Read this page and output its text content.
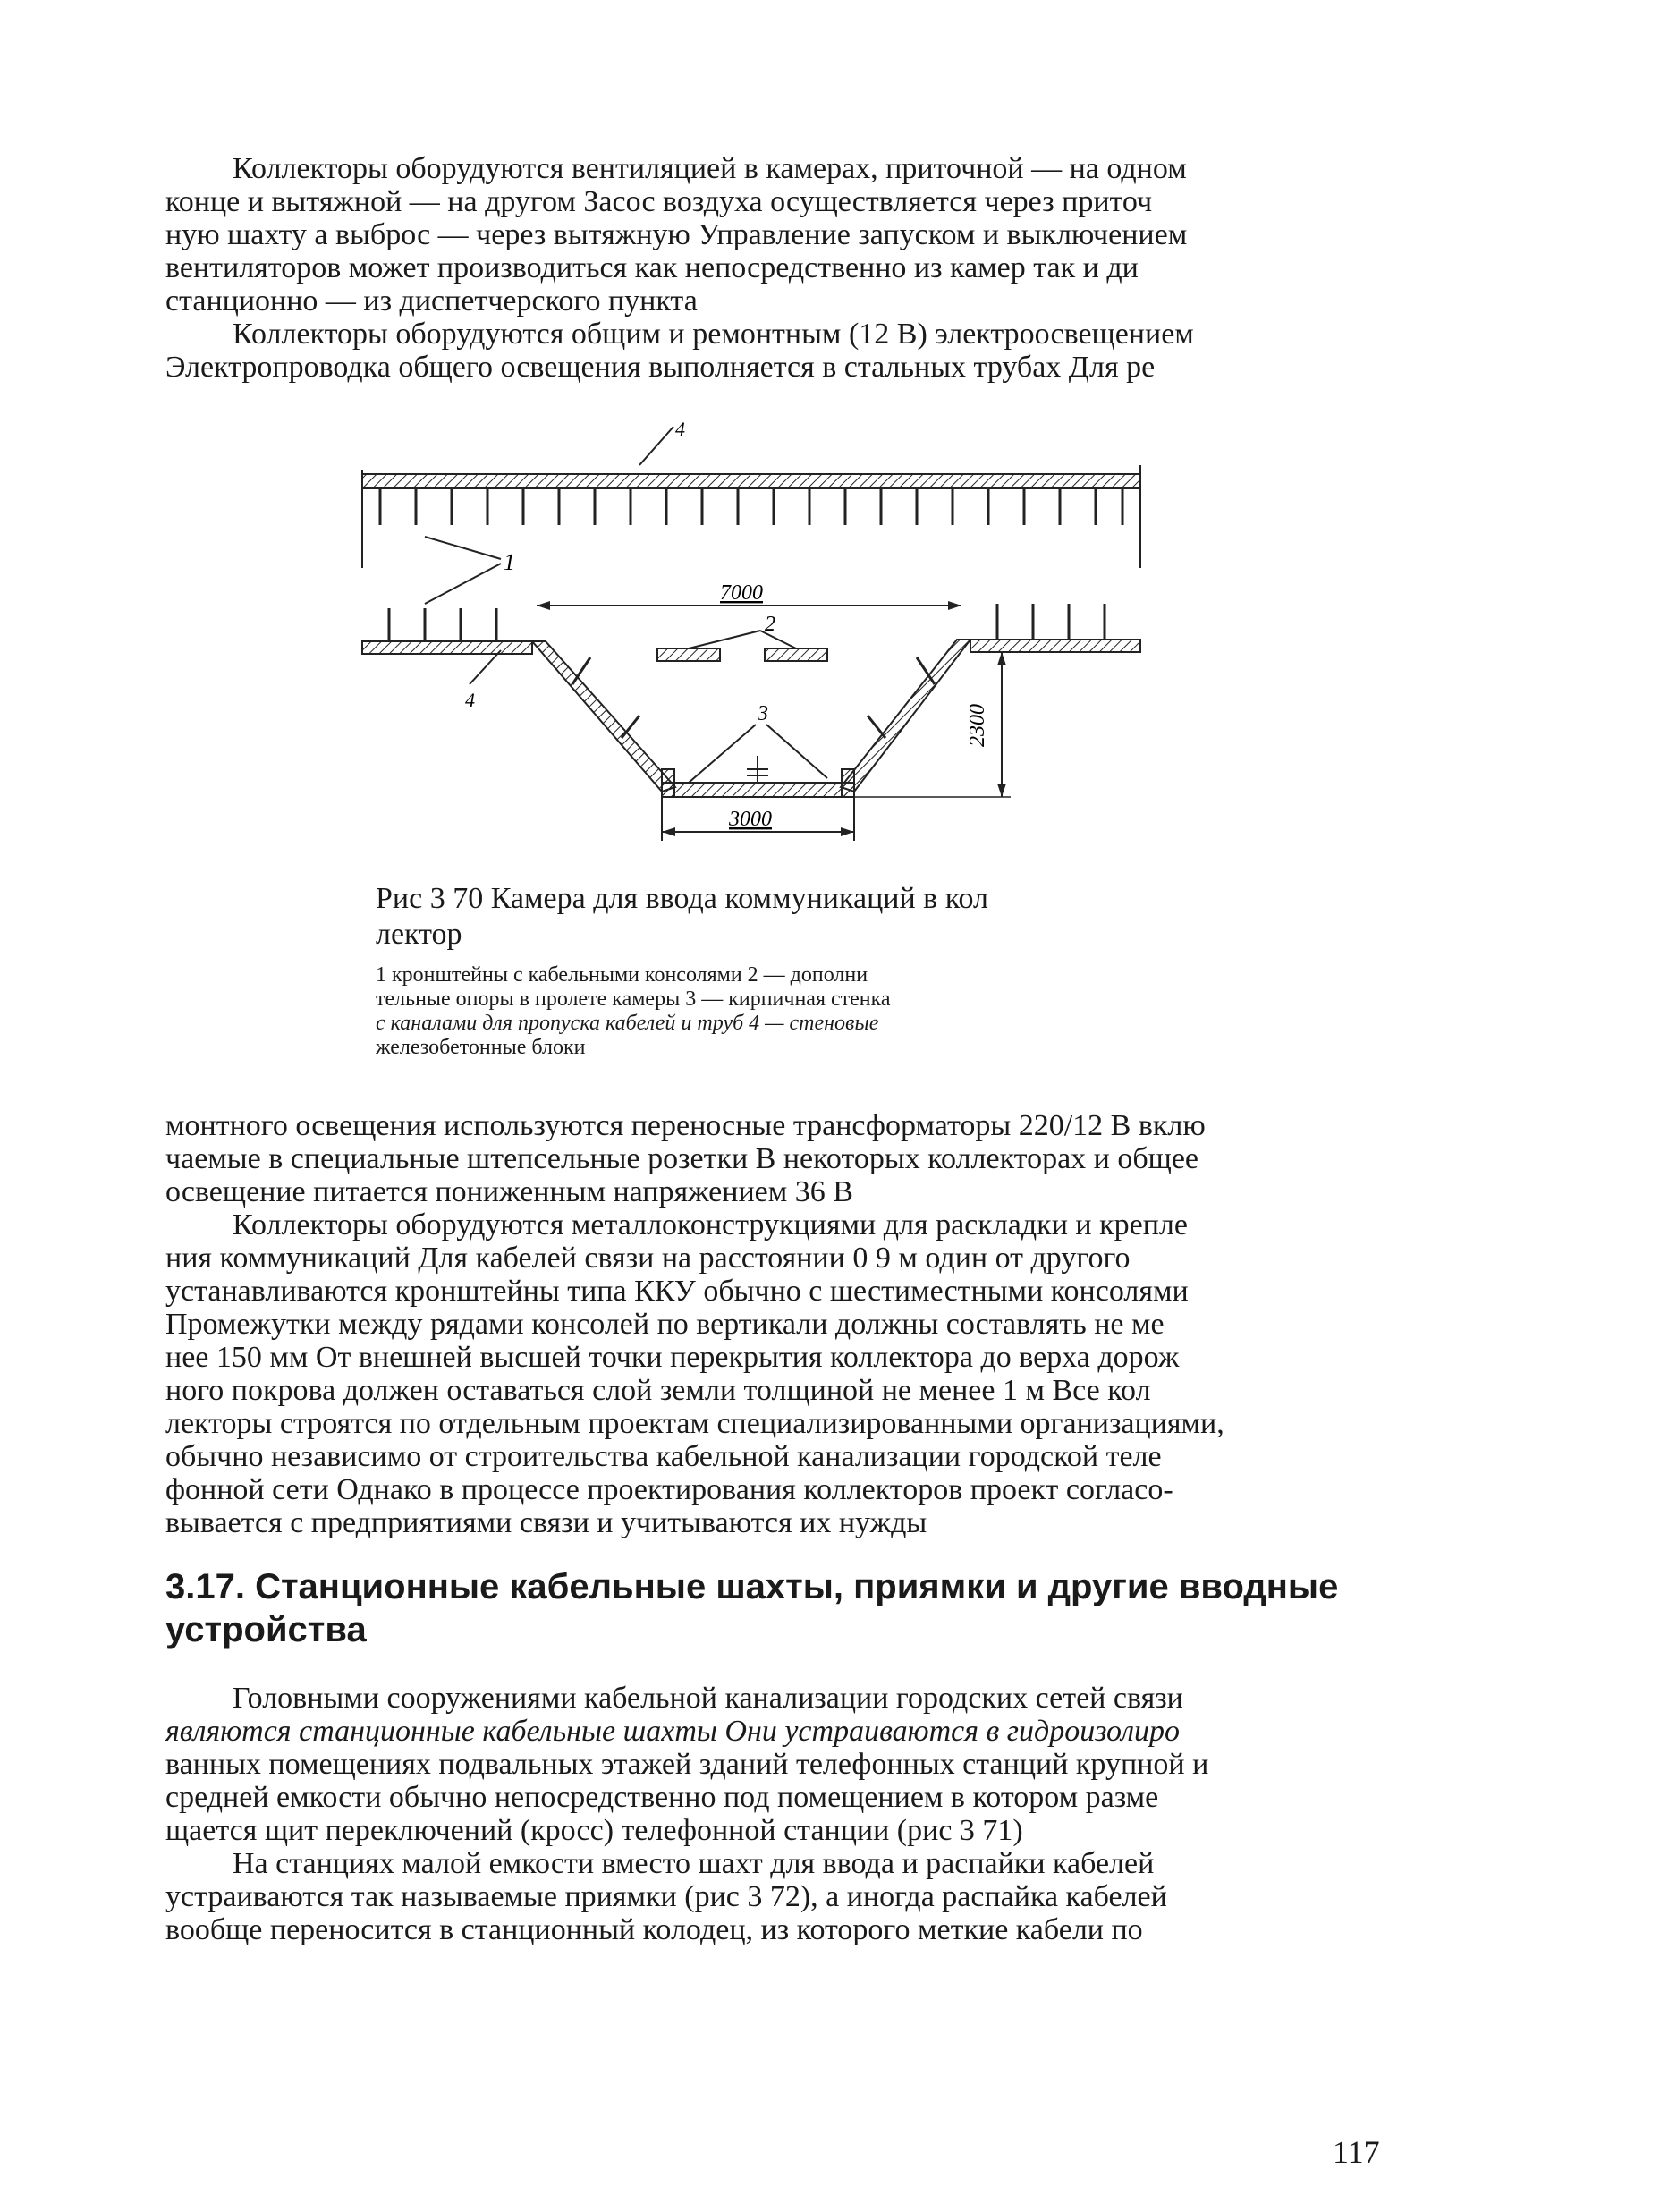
Коллекторы оборудуются вентиляцией в камерах, приточной — на одном
конце и вытяжной — на другом Засос воздуха осуществляется через приточ
ную шахту а выброс — через вытяжную Управление запуском и выключением
вентиляторов может производиться как непосредственно из камер так и ди
станционно — из диспетчерского пункта

Коллекторы оборудуются общим и ремонтным (12 В) электроосвещением
Электропроводка общего освещения выполняется в стальных трубах Для ре

4
1
2
7000
3
4
3000
2300

Рис 3 70 Камера для ввода коммуникаций в кол
лектор

1 кронштейны с кабельными консолями 2 — дополни
тельные опоры в пролете камеры 3 — кирпичная стенка
с каналами для пропуска кабелей и труб 4 — стеновые
железобетонные блоки

монтного освещения используются переносные трансформаторы 220/12 В вклю
чаемые в специальные штепсельные розетки В некоторых коллекторах и общее
освещение питается пониженным напряжением 36 В

Коллекторы оборудуются металлоконструкциями для раскладки и крепле
ния коммуникаций Для кабелей связи на расстоянии 0 9 м один от другого
устанавливаются кронштейны типа ККУ обычно с шестиместными консолями
Промежутки между рядами консолей по вертикали должны составлять не ме
нее 150 мм От внешней высшей точки перекрытия коллектора до верха дорож
ного покрова должен оставаться слой земли толщиной не менее 1 м Все кол
лекторы строятся по отдельным проектам специализированными организациями,
обычно независимо от строительства кабельной канализации городской теле
фонной сети Однако в процессе проектирования коллекторов проект согласо-
вывается с предприятиями связи и учитываются их нужды

3.17. Станционные кабельные шахты, приямки и другие вводные
устройства

Головными сооружениями кабельной канализации городских сетей связи
являются станционные кабельные шахты Они устраиваются в гидроизолиро
ванных помещениях подвальных этажей зданий телефонных станций крупной и
средней емкости обычно непосредственно под помещением в котором разме
щается щит переключений (кросс) телефонной станции (рис 3 71)

На станциях малой емкости вместо шахт для ввода и распайки кабелей
устраиваются так называемые приямки (рис 3 72), а иногда распайка кабелей
вообще переносится в станционный колодец, из которого меткие кабели по

117
